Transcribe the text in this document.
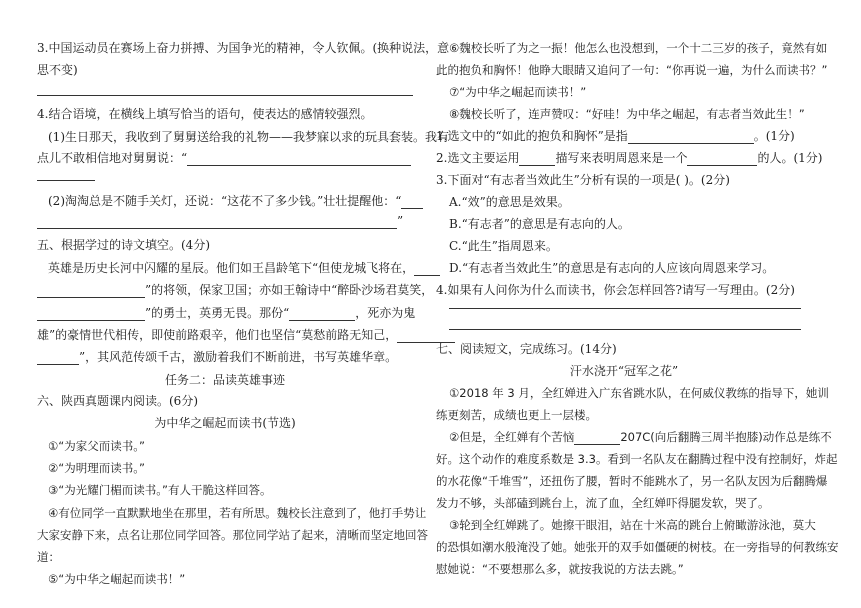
3.中国运动员在赛场上奋力拼搏、为国争光的精神，令人钦佩。(换种说法，意
思不变)
4.结合语境，在横线上填写恰当的语句，使表达的感情较强烈。
(1)生日那天，我收到了舅舅送给我的礼物——我梦寐以求的玩具套装。我有
点儿不敢相信地对舅舅说：“
(2)淘淘总是不随手关灯，还说：“这花不了多少钱。”壮壮提醒他：“
”
五、根据学过的诗文填空。(4分)
英雄是历史长河中闪耀的星辰。他们如王昌龄笔下“但使龙城飞将在，
”的将领，保家卫国；亦如王翰诗中“醉卧沙场君莫笑，
”的勇士，英勇无畏。那份“	，死亦为鬼
雄”的豪情世代相传，即使前路艰辛，他们也坚信“莫愁前路无知己，
”，其风范传颂千古，激励着我们不断前进，书写英雄华章。
任务二：品读英雄事迹
六、陕西真题课内阅读。(6分)
为中华之崛起而读书(节选)
①“为家父而读书。”
②“为明理而读书。”
③“为光耀门楣而读书。”有人干脆这样回答。
④有位同学一直默默地坐在那里，若有所思。魏校长注意到了，他打手势让
大家安静下来，点名让那位同学回答。那位同学站了起来，清晰而坚定地回答
道：
⑤“为中华之崛起而读书！”
⑥魏校长听了为之一振！他怎么也没想到，一个十二三岁的孩子，竟然有如
此的抱负和胸怀！他睁大眼睛又追问了一句：“你再说一遍，为什么而读书？”
⑦“为中华之崛起而读书！”
⑧魏校长听了，连声赞叹：“好哇！为中华之崛起，有志者当效此生！”
1.选文中的“如此的抱负和胸怀”是指	。(1分)
2.选文主要运用	描写来表明周恩来是一个	的人。(1分)
3.下面对“有志者当效此生”分析有误的一项是( )。(2分)
A.“效”的意思是效果。
B.“有志者”的意思是有志向的人。
C.“此生”指周恩来。
D.“有志者当效此生”的意思是有志向的人应该向周恩来学习。
4.如果有人问你为什么而读书，你会怎样回答?请写一写理由。(2分)
七、阅读短文，完成练习。(14分)
汗水浇开“冠军之花”
①2018 年 3 月，全红婵进入广东省跳水队，在何威仪教练的指导下，她训
练更刻苦，成绩也更上一层楼。
②但是，全红婵有个苦恼	207C(向后翻腾三周半抱膝)动作总是练不
好。这个动作的难度系数是 3.3。看到一名队友在翻腾过程中没有控制好，炸起
的水花像“千堆雪”，还扭伤了腰，暂时不能跳水了，另一名队友因为后翻腾爆
发力不够，头部磕到跳台上，流了血，全红婵吓得腿发软，哭了。
③轮到全红婵跳了。她擦干眼泪，站在十米高的跳台上俯瞰游泳池，莫大
的恐惧如潮水般淹没了她。她张开的双手如僵硬的树枝。在一旁指导的何教练安
慰她说：“不要想那么多，就按我说的方法去跳。”
